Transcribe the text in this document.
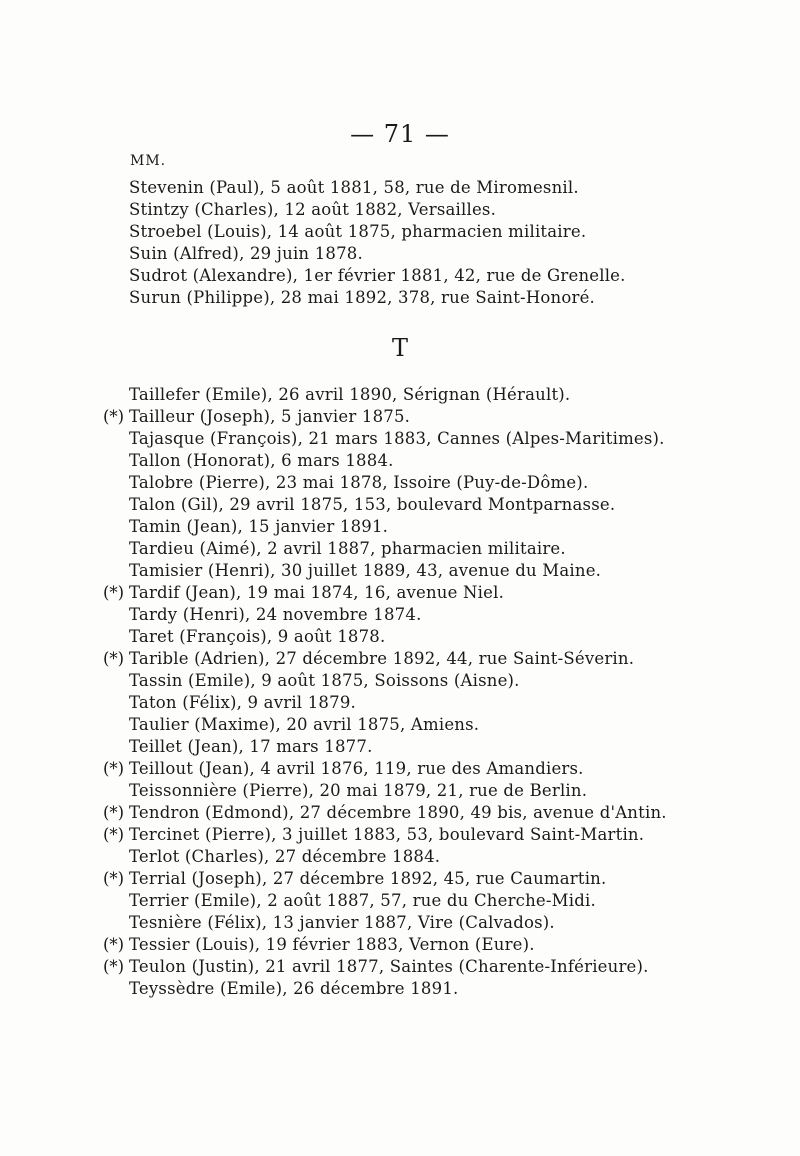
— 71 —
MM.
Stevenin (Paul), 5 août 1881, 58, rue de Miromesnil.
Stintzy (Charles), 12 août 1882, Versailles.
Stroebel (Louis), 14 août 1875, pharmacien militaire.
Suin (Alfred), 29 juin 1878.
Sudrot (Alexandre), 1er février 1881, 42, rue de Grenelle.
Surun (Philippe), 28 mai 1892, 378, rue Saint-Honoré.
T
Taillefer (Emile), 26 avril 1890, Sérignan (Hérault).
(*) Tailleur (Joseph), 5 janvier 1875.
Tajasque (François), 21 mars 1883, Cannes (Alpes-Maritimes).
Tallon (Honorat), 6 mars 1884.
Talobre (Pierre), 23 mai 1878, Issoire (Puy-de-Dôme).
Talon (Gil), 29 avril 1875, 153, boulevard Montparnasse.
Tamin (Jean), 15 janvier 1891.
Tardieu (Aimé), 2 avril 1887, pharmacien militaire.
Tamisier (Henri), 30 juillet 1889, 43, avenue du Maine.
(*) Tardif (Jean), 19 mai 1874, 16, avenue Niel.
Tardy (Henri), 24 novembre 1874.
Taret (François), 9 août 1878.
(*) Tarible (Adrien), 27 décembre 1892, 44, rue Saint-Séverin.
Tassin (Emile), 9 août 1875, Soissons (Aisne).
Taton (Félix), 9 avril 1879.
Taulier (Maxime), 20 avril 1875, Amiens.
Teillet (Jean), 17 mars 1877.
(*) Teillout (Jean), 4 avril 1876, 119, rue des Amandiers.
Teissonnière (Pierre), 20 mai 1879, 21, rue de Berlin.
(*) Tendron (Edmond), 27 décembre 1890, 49 bis, avenue d'Antin.
(*) Tercinet (Pierre), 3 juillet 1883, 53, boulevard Saint-Martin.
Terlot (Charles), 27 décembre 1884.
(*) Terrial (Joseph), 27 décembre 1892, 45, rue Caumartin.
Terrier (Emile), 2 août 1887, 57, rue du Cherche-Midi.
Tesnière (Félix), 13 janvier 1887, Vire (Calvados).
(*) Tessier (Louis), 19 février 1883, Vernon (Eure).
(*) Teulon (Justin), 21 avril 1877, Saintes (Charente-Inférieure).
Teyssèdre (Emile), 26 décembre 1891.
